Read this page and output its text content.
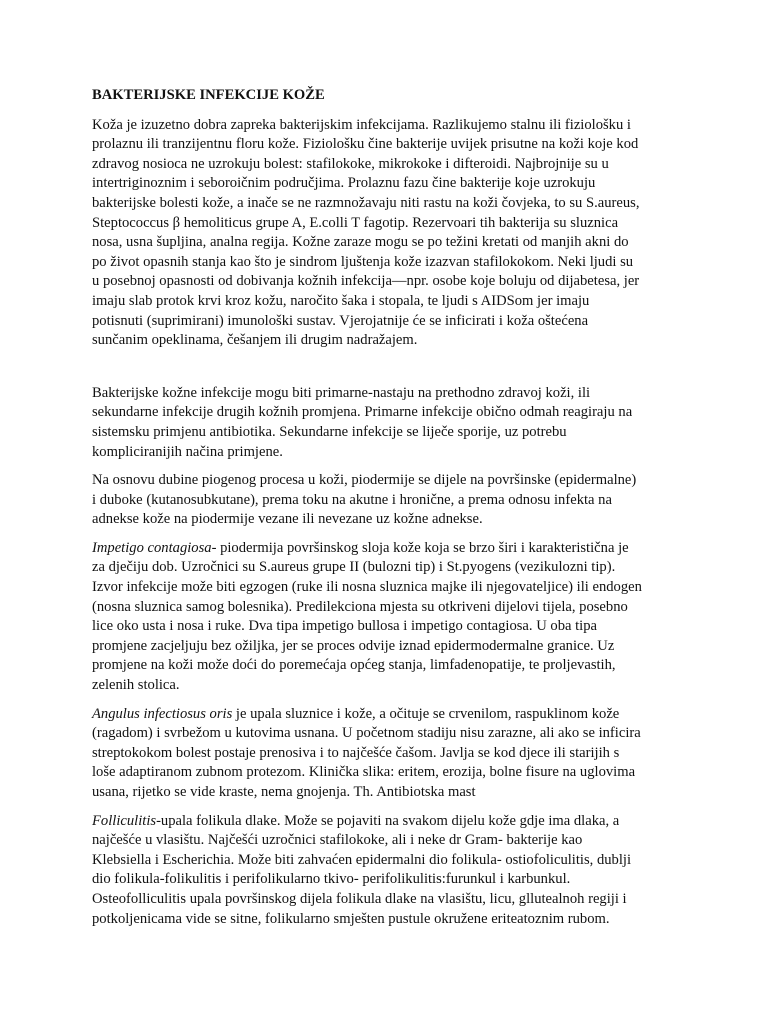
BAKTERIJSKE INFEKCIJE KOŽE
Koža je izuzetno dobra zapreka bakterijskim infekcijama. Razlikujemo stalnu ili fiziološku i
prolaznu ili tranzijentnu floru kože. Fiziološku čine bakterije uvijek prisutne na koži koje kod
zdravog nosioca ne uzrokuju bolest: stafilokoke, mikrokoke i difteroidi. Najbrojnije su u
intertriginoznim i seboroičnim područjima. Prolaznu fazu čine bakterije koje uzrokuju
bakterijske bolesti kože, a inače se ne razmnožavaju niti rastu na koži čovjeka, to su S.aureus,
Steptococcus β hemoliticus grupe A, E.colli T fagotip. Rezervoari tih bakterija su sluznica
nosa, usna šupljina, analna regija. Kožne zaraze mogu se po težini kretati od manjih akni do
po život opasnih stanja kao što je sindrom ljuštenja kože izazvan stafilokokom. Neki ljudi su
u posebnoj opasnosti od dobivanja kožnih infekcija—npr. osobe koje boluju od dijabetesa, jer
imaju slab protok krvi kroz kožu, naročito šaka i stopala, te ljudi s AIDSom jer imaju
potisnuti (suprimirani) imunološki sustav. Vjerojatnije će se inficirati i koža oštećena
sunčanim opeklinama, češanjem ili drugim nadražajem.
Bakterijske kožne infekcije mogu biti primarne-nastaju na prethodno zdravoj koži, ili
sekundarne infekcije drugih kožnih promjena. Primarne infekcije obično odmah reagiraju na
sistemsku primjenu antibiotika. Sekundarne infekcije se liječe sporije, uz potrebu
kompliciranijih načina primjene.
Na osnovu dubine piogenog procesa u koži, piodermije se dijele na površinske (epidermalne)
i duboke (kutanosubkutane), prema toku na akutne i hronične, a prema odnosu infekta na
adnekse kože na piodermije vezane ili nevezane uz kožne adnekse.
Impetigo contagiosa- piodermija površinskog sloja kože koja se brzo širi i karakteristična je
za dječiju dob. Uzročnici su S.aureus grupe II (bulozni tip) i St.pyogens (vezikulozni tip).
Izvor infekcije može biti egzogen (ruke ili nosna sluznica majke ili njegovateljice) ili endogen
(nosna sluznica samog bolesnika). Predilekciona mjesta su otkriveni dijelovi tijela, posebno
lice oko usta i nosa i ruke. Dva tipa impetigo bullosa i impetigo contagiosa. U oba tipa
promjene zacjeljuju bez ožiljka, jer se proces odvije iznad epidermodermalne granice. Uz
promjene na koži može doći do poremećaja općeg stanja, limfadenopatije, te proljevastih,
zelenih stolica.
Angulus infectiosus oris je upala sluznice i kože, a očituje se crvenilom, raspuklinom kože
(ragadom) i svrbežom u kutovima usnana. U početnom stadiju nisu zarazne, ali ako se inficira
streptokokom bolest postaje prenosiva i to najčešće čašom. Javlja se kod djece ili starijih s
loše adaptiranom zubnom protezom. Klinička slika: eritem, erozija, bolne fisure na uglovima
usana, rijetko se vide kraste, nema gnojenja. Th. Antibiotska mast
Folliculitis-upala folikula dlake. Može se pojaviti na svakom dijelu kože gdje ima dlaka, a
najčešće u vlasištu. Najčešći uzročnici stafilokoke, ali i neke dr Gram- bakterije kao
Klebsiella i Escherichia. Može biti zahvaćen epidermalni dio folikula- ostiofoliculitis, dublji
dio folikula-folikulitis i perifolikularno tkivo- perifolikulitis:furunkul i karbunkul.
Osteofolliculitis upala površinskog dijela folikula dlake na vlasištu, licu, gllutealnoh regiji i
potkoljenicama vide se sitne, folikularno smješten pustule okružene eriteatoznim rubom.
